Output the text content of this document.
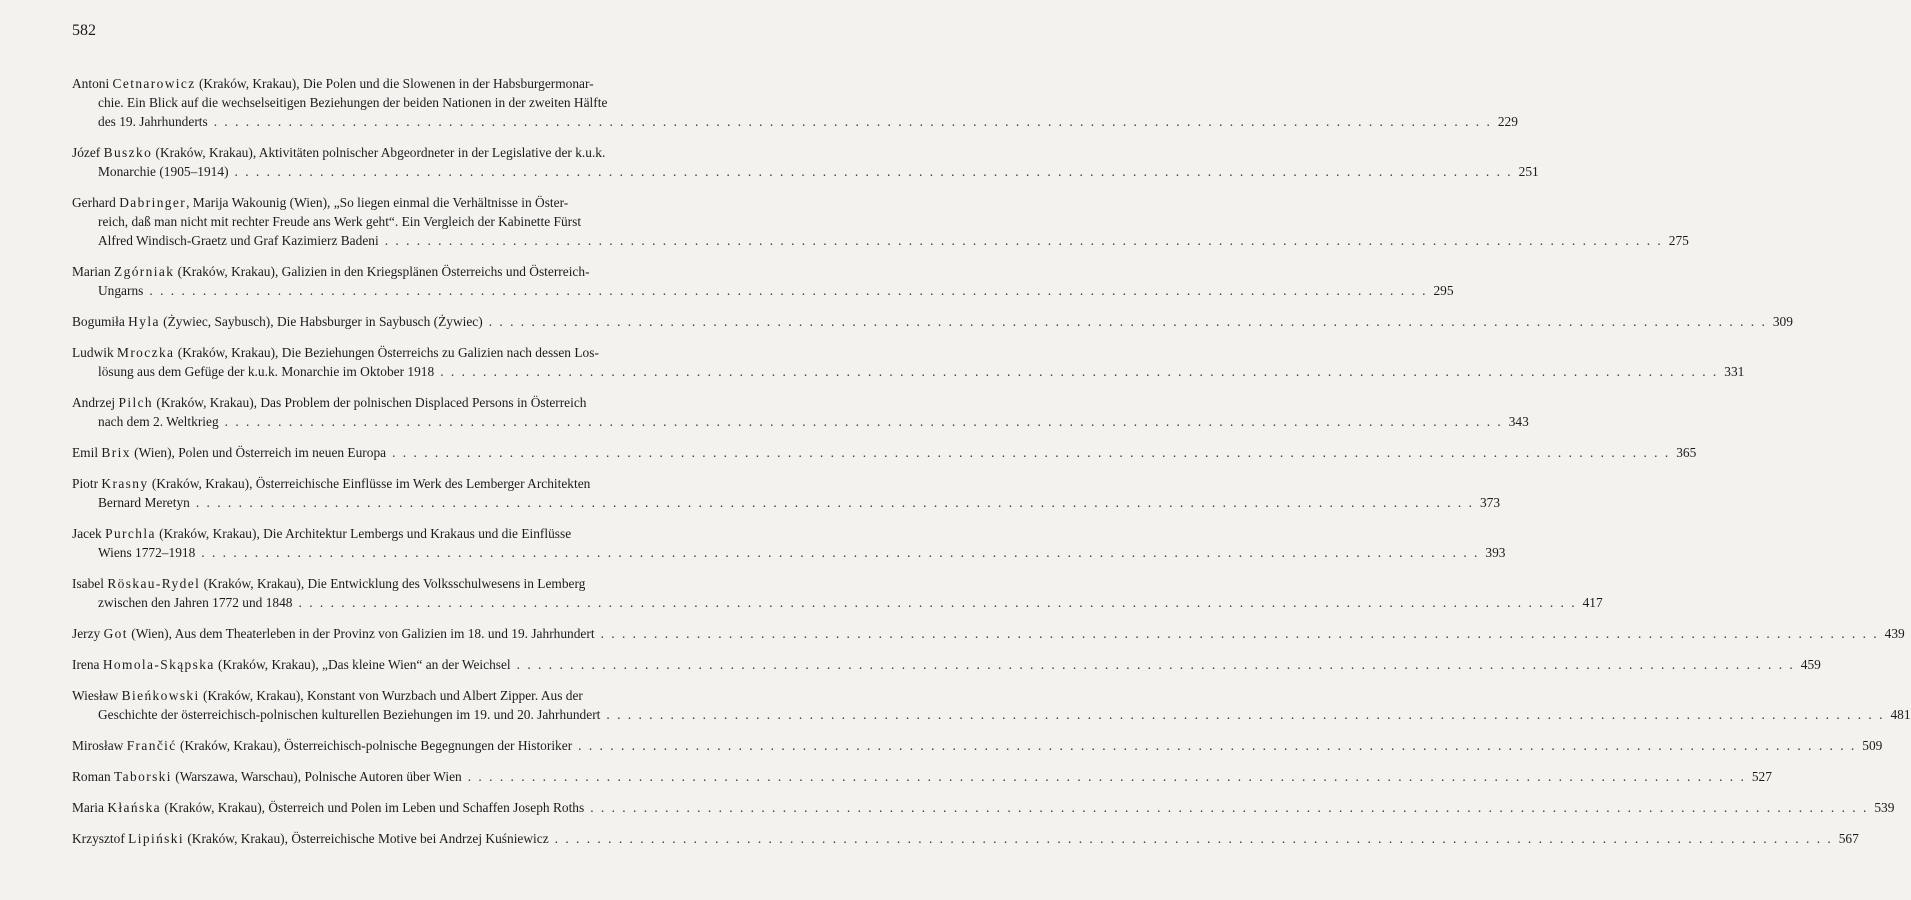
582
Antoni Cetnarowicz (Kraków, Krakau), Die Polen und die Slowenen in der Habsburgermonar-
chie. Ein Blick auf die wechselseitigen Beziehungen der beiden Nationen in der zweiten Hälfte
des 19. Jahrhunderts . . . . . . . . . . . . . . . . . . . . . . . . . . . . . . . . . . . . . . . . . . . . . . . . . . . . . . . . . . . . . . . . . . . . . . . . . . . . . . . . . . . . . . . . . . . . . . . . . . . . . . . . . . . . . . . . . . . . . . . . 229
Józef Buszko (Kraków, Krakau), Aktivitäten polnischer Abgeordneter in der Legislative der k.u.k.
Monarchie (1905–1914) . . . . . . . . . . . . . . . . . . . . . . . . . . . . . . . . . . . . . . . . . . . . . . . . . . . . . . . . . . . . . . . . . . . . . . . . . . . . . . . . . . . . . . . . . . . . . . . . . . . . . . . . . . . . . . . . . . . . . . . . 251
Gerhard Dabringer, Marija Wakounig (Wien), „So liegen einmal die Verhältnisse in Öster-
reich, daß man nicht mit rechter Freude ans Werk geht“. Ein Vergleich der Kabinette Fürst
Alfred Windisch-Graetz und Graf Kazimierz Badeni . . . . . . . . . . . . . . . . . . . . . . . . . . . . . . . . . . . . . . . . . . . . . . . . . . . . . . . . . . . . . . . . . . . . . . . . . . . . . . . . . . . . . . . . . . . . . . . . . . . . . . . . . . . . . . . . . . . . . . . . 275
Marian Zgórniak (Kraków, Krakau), Galizien in den Kriegsplänen Österreichs und Österreich-
Ungarns . . . . . . . . . . . . . . . . . . . . . . . . . . . . . . . . . . . . . . . . . . . . . . . . . . . . . . . . . . . . . . . . . . . . . . . . . . . . . . . . . . . . . . . . . . . . . . . . . . . . . . . . . . . . . . . . . . . . . . . . 295
Bogumiła Hyla (Żywiec, Saybusch), Die Habsburger in Saybusch (Żywiec) . . . . . . . . . . . . . . . . . . . . . . . . . . . . . . . . . . . . . . . . . . . . . . . . . . . . . . . . . . . . . . . . . . . . . . . . . . . . . . . . . . . . . . . . . . . . . . . . . . . . . . . . . . . . . . . . . . . . . . . . 309
Ludwik Mroczka (Kraków, Krakau), Die Beziehungen Österreichs zu Galizien nach dessen Los-
lösung aus dem Gefüge der k.u.k. Monarchie im Oktober 1918 . . . . . . . . . . . . . . . . . . . . . . . . . . . . . . . . . . . . . . . . . . . . . . . . . . . . . . . . . . . . . . . . . . . . . . . . . . . . . . . . . . . . . . . . . . . . . . . . . . . . . . . . . . . . . . . . . . . . . . . . 331
Andrzej Pilch (Kraków, Krakau), Das Problem der polnischen Displaced Persons in Österreich
nach dem 2. Weltkrieg . . . . . . . . . . . . . . . . . . . . . . . . . . . . . . . . . . . . . . . . . . . . . . . . . . . . . . . . . . . . . . . . . . . . . . . . . . . . . . . . . . . . . . . . . . . . . . . . . . . . . . . . . . . . . . . . . . . . . . . . 343
Emil Brix (Wien), Polen und Österreich im neuen Europa . . . . . . . . . . . . . . . . . . . . . . . . . . . . . . . . . . . . . . . . . . . . . . . . . . . . . . . . . . . . . . . . . . . . . . . . . . . . . . . . . . . . . . . . . . . . . . . . . . . . . . . . . . . . . . . . . . . . . . . . 365
Piotr Krasny (Kraków, Krakau), Österreichische Einflüsse im Werk des Lemberger Architekten
Bernard Meretyn . . . . . . . . . . . . . . . . . . . . . . . . . . . . . . . . . . . . . . . . . . . . . . . . . . . . . . . . . . . . . . . . . . . . . . . . . . . . . . . . . . . . . . . . . . . . . . . . . . . . . . . . . . . . . . . . . . . . . . . . 373
Jacek Purchla (Kraków, Krakau), Die Architektur Lembergs und Krakaus und die Einflüsse
Wiens 1772–1918 . . . . . . . . . . . . . . . . . . . . . . . . . . . . . . . . . . . . . . . . . . . . . . . . . . . . . . . . . . . . . . . . . . . . . . . . . . . . . . . . . . . . . . . . . . . . . . . . . . . . . . . . . . . . . . . . . . . . . . . . 393
Isabel Röskau-Rydel (Kraków, Krakau), Die Entwicklung des Volksschulwesens in Lemberg
zwischen den Jahren 1772 und 1848 . . . . . . . . . . . . . . . . . . . . . . . . . . . . . . . . . . . . . . . . . . . . . . . . . . . . . . . . . . . . . . . . . . . . . . . . . . . . . . . . . . . . . . . . . . . . . . . . . . . . . . . . . . . . . . . . . . . . . . . . 417
Jerzy Got (Wien), Aus dem Theaterleben in der Provinz von Galizien im 18. und 19. Jahrhundert . . . . . . . . . . . . . . . . . . . . . . . . . . . . . . . . . . . . . . . . . . . . . . . . . . . . . . . . . . . . . . . . . . . . . . . . . . . . . . . . . . . . . . . . . . . . . . . . . . . . . . . . . . . . . . . . . . . . . . . . 439
Irena Homola-Skąpska (Kraków, Krakau), „Das kleine Wien“ an der Weichsel . . . . . . . . . . . . . . . . . . . . . . . . . . . . . . . . . . . . . . . . . . . . . . . . . . . . . . . . . . . . . . . . . . . . . . . . . . . . . . . . . . . . . . . . . . . . . . . . . . . . . . . . . . . . . . . . . . . . . . . . 459
Wiesław Bieńkowski (Kraków, Krakau), Konstant von Wurzbach und Albert Zipper. Aus der
Geschichte der österreichisch-polnischen kulturellen Beziehungen im 19. und 20. Jahrhundert . . . . . . . . . . . . . . . . . . . . . . . . . . . . . . . . . . . . . . . . . . . . . . . . . . . . . . . . . . . . . . . . . . . . . . . . . . . . . . . . . . . . . . . . . . . . . . . . . . . . . . . . . . . . . . . . . . . . . . . . 481
Mirosław Frančić (Kraków, Krakau), Österreichisch-polnische Begegnungen der Historiker . . . . . . . . . . . . . . . . . . . . . . . . . . . . . . . . . . . . . . . . . . . . . . . . . . . . . . . . . . . . . . . . . . . . . . . . . . . . . . . . . . . . . . . . . . . . . . . . . . . . . . . . . . . . . . . . . . . . . . . . 509
Roman Taborski (Warszawa, Warschau), Polnische Autoren über Wien . . . . . . . . . . . . . . . . . . . . . . . . . . . . . . . . . . . . . . . . . . . . . . . . . . . . . . . . . . . . . . . . . . . . . . . . . . . . . . . . . . . . . . . . . . . . . . . . . . . . . . . . . . . . . . . . . . . . . . . . 527
Maria Kłańska (Kraków, Krakau), Österreich und Polen im Leben und Schaffen Joseph Roths . . . . . . . . . . . . . . . . . . . . . . . . . . . . . . . . . . . . . . . . . . . . . . . . . . . . . . . . . . . . . . . . . . . . . . . . . . . . . . . . . . . . . . . . . . . . . . . . . . . . . . . . . . . . . . . . . . . . . . . . 539
Krzysztof Lipiński (Kraków, Krakau), Österreichische Motive bei Andrzej Kuśniewicz . . . . . . . . . . . . . . . . . . . . . . . . . . . . . . . . . . . . . . . . . . . . . . . . . . . . . . . . . . . . . . . . . . . . . . . . . . . . . . . . . . . . . . . . . . . . . . . . . . . . . . . . . . . . . . . . . . . . . . . . 567
